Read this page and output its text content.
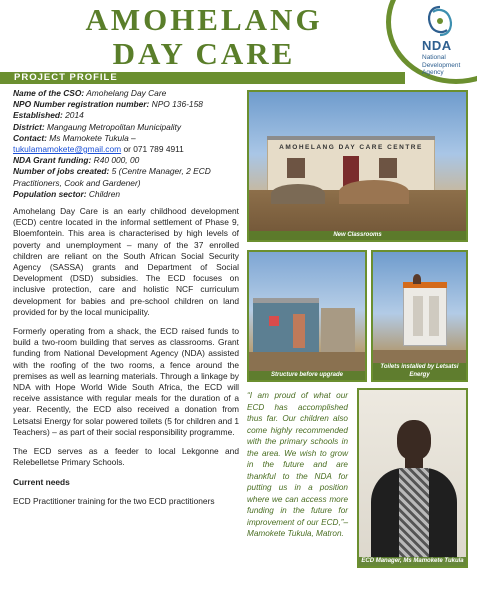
AMOHELANG
DAY CARE	NDA
National Development Agency
PROJECT PROFILE
Name of the CSO: Amohelang Day Care
NPO Number registration number: NPO 136-158
Established: 2014
District: Mangaung Metropolitan Municipality
Contact: Ms Mamokete Tukula –
tukulamamokete@gmail.com or 071 789 4911
NDA Grant funding: R40 000, 00
Number of jobs created: 5 (Centre Manager, 2 ECD Practitioners, Cook and Gardener)
Population sector: Children

Amohelang Day Care is an early childhood development (ECD) centre located in the informal settlement of Phase 9, Bloemfontein. This area is characterised by high levels of poverty and unemployment – many of the 37 enrolled children are reliant on the South African Social Security Agency (SASSA) grants and Department of Social Development (DSD) subsidies. The ECD focuses on inclusive protection, care and holistic NCF curriculum development for babies and pre-school children on land provided for by the local municipality.

Formerly operating from a shack, the ECD raised funds to build a two-room building that serves as classrooms. Grant funding from National Development Agency (NDA) assisted with the roofing of the two rooms, a fence around the premises as well as learning materials. Through a linkage by NDA with Hope World Wide South Africa, the ECD will receive assistance with regular meals for the duration of a year. Recently, the ECD also received a donation from Letsatsi Energy for solar powered toilets (5 for children and 1 Teachers) – as part of their social responsibility programme.

The ECD serves as a feeder to local Lekgonne and Relebelletse Primary Schools.

Current needs

ECD Practitioner training for the two ECD practitioners

AMOHELANG DAY CARE CENTRE
New Classrooms
Structure before upgrade
Toilets installed by Letsatsi Energy

“I am proud of what our ECD has accomplished thus far. Our children also come highly recommended with the primary schools in the area. We wish to grow in the future and are thankful to the NDA for putting us in a position where we can access more funding in the future for improvement of our ECD,”– Mamokete Tukula, Matron.

ECD Manager, Ms Mamokete Tukula
